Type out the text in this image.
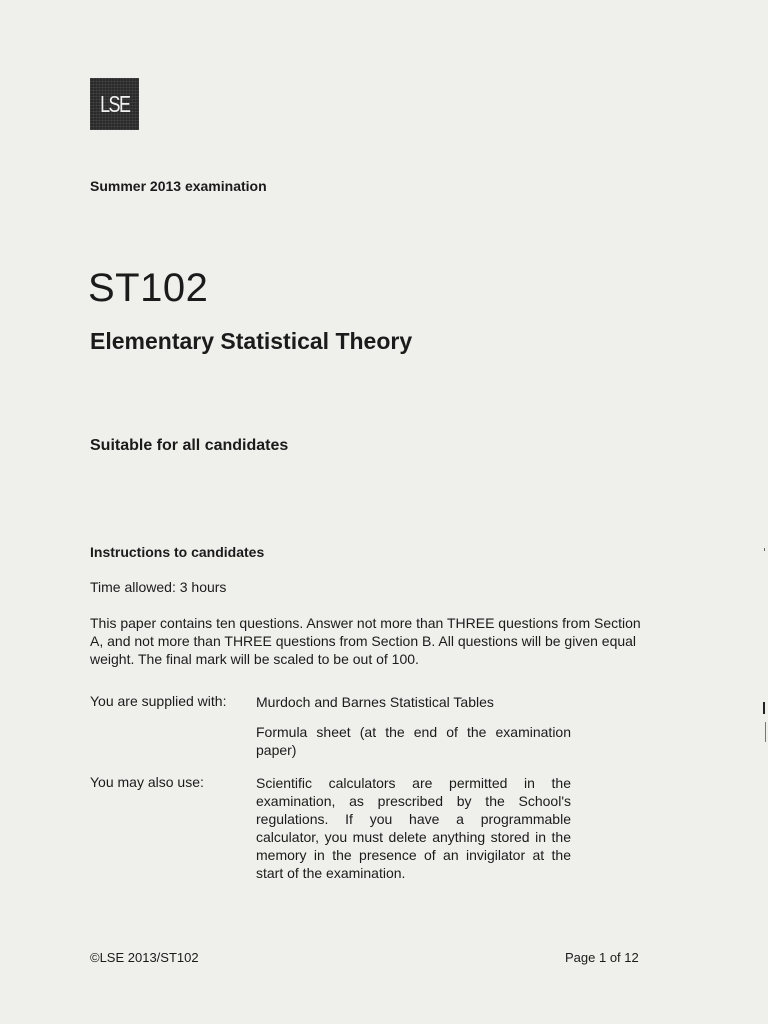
LSE
Summer 2013 examination
ST102
Elementary Statistical Theory
Suitable for all candidates
Instructions to candidates
Time allowed: 3 hours
This paper contains ten questions. Answer not more than THREE questions from Section A, and not more than THREE questions from Section B. All questions will be given equal weight. The final mark will be scaled to be out of 100.
You are supplied with: Murdoch and Barnes Statistical Tables
Formula sheet (at the end of the examination paper)
You may also use:	Scientific calculators are permitted in the examination, as prescribed by the School's regulations. If you have a programmable calculator, you must delete anything stored in the memory in the presence of an invigilator at the start of the examination.
©LSE 2013/ST102	Page 1 of 12
